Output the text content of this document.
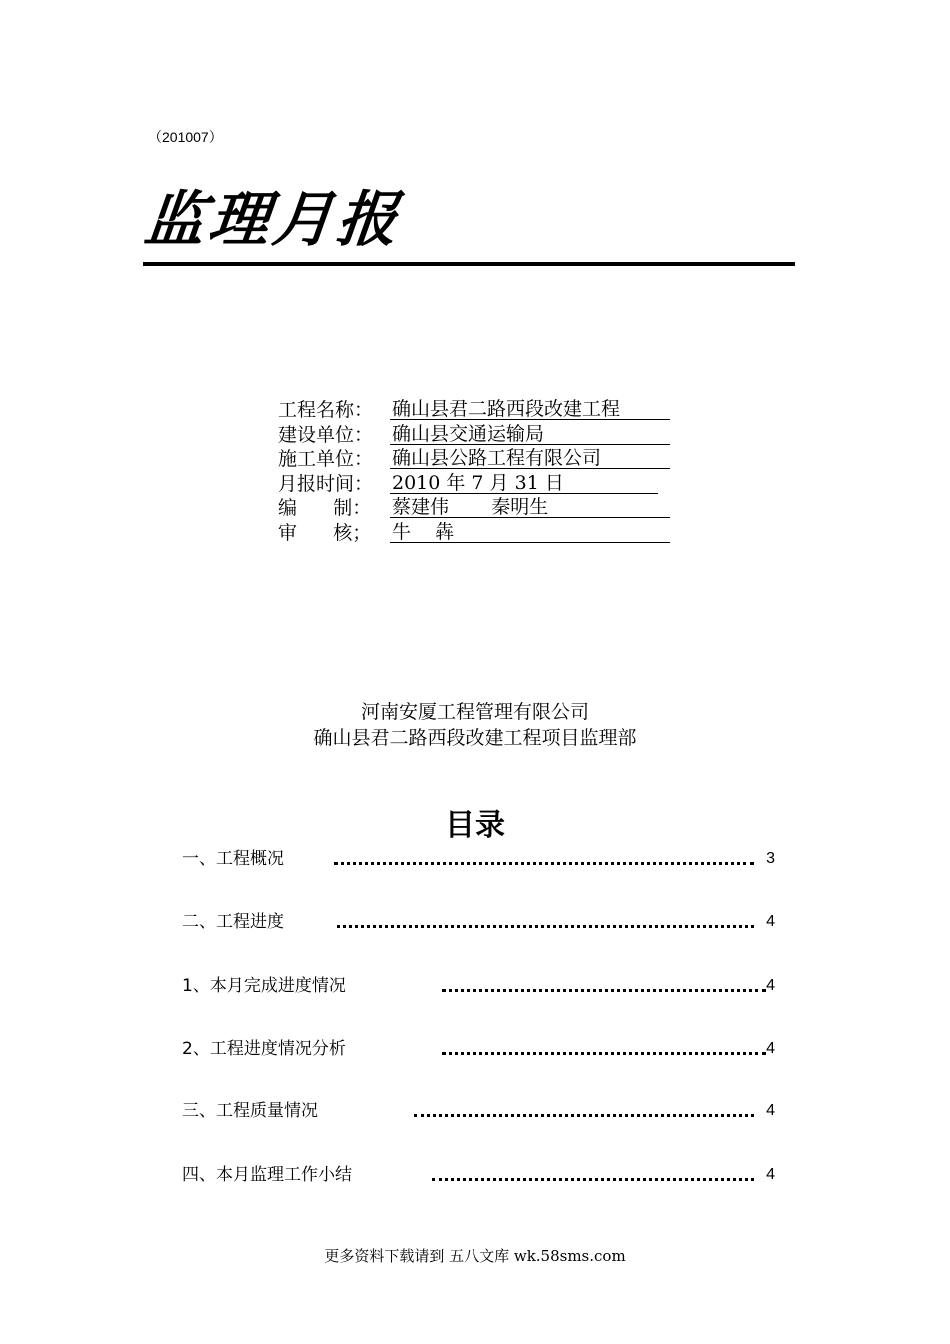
（201007）
监理月报
工程名称： 确山县君二路西段改建工程
建设单位： 确山县交通运输局
施工单位： 确山县公路工程有限公司
月报时间： 2010 年 7 月 31 日
编      制：	蔡建伟       秦明生
审      核；	牛    犇
河南安厦工程管理有限公司
确山县君二路西段改建工程项目监理部
目录
一、工程概况	3
二、工程进度	4
1、本月完成进度情况	4
2、工程进度情况分析	4
三、工程质量情况	4
四、本月监理工作小结	4
更多资料下载请到 五八文库 wk.58sms.com
